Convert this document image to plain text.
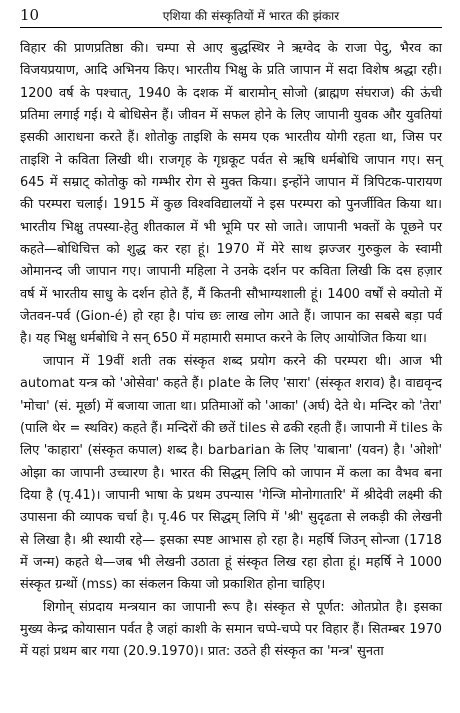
10	एशिया की संस्कृतियों में भारत की झंकार

विहार की प्राणप्रतिष्ठा की। चम्पा से आए बुद्धस्थिर ने ऋग्वेद के राजा पेदु, भैरव का विजयप्रयाण, आदि अभिनय किए। भारतीय भिक्षु के प्रति जापान में सदा विशेष श्रद्धा रही। 1200 वर्ष के पश्चात्, 1940 के दशक में बारामोन् सोजो (ब्राह्मण संघराज) की ऊंची प्रतिमा लगाई गई। ये बोधिसेन हैं। जीवन में सफल होने के लिए जापानी युवक और युवतियां इसकी आराधना करते हैं। शोतोकु ताइशि के समय एक भारतीय योगी रहता था, जिस पर ताइशि ने कविता लिखी थी। राजगृह के गृध्रकूट पर्वत से ऋषि धर्मबोधि जापान गए। सन् 645 में सम्राट् कोतोकु को गम्भीर रोग से मुक्त किया। इन्होंने जापान में त्रिपिटक-पारायण की परम्परा चलाई। 1915 में कुछ विश्वविद्यालयों ने इस परम्परा को पुनर्जीवित किया था। भारतीय भिक्षु तपस्या-हेतु शीतकाल में भी भूमि पर सो जाते। जापानी भक्तों के पूछने पर कहते—बोधिचित्त को शुद्ध कर रहा हूं। 1970 में मेरे साथ झज्जर गुरुकुल के स्वामी ओमानन्द जी जापान गए। जापानी महिला ने उनके दर्शन पर कविता लिखी कि दस हज़ार वर्ष में भारतीय साधु के दर्शन होते हैं, मैं कितनी सौभाग्यशाली हूं। 1400 वर्षों से क्योतो में जेतवन-पर्व (Gion-é) हो रहा है। पांच छः लाख लोग आते हैं। जापान का सबसे बड़ा पर्व है। यह भिक्षु धर्मबोधि ने सन् 650 में महामारी समाप्त करने के लिए आयोजित किया था।

जापान में 19वीं शती तक संस्कृत शब्द प्रयोग करने की परम्परा थी। आज भी automat यन्त्र को 'ओसेवा' कहते हैं। plate के लिए 'सारा' (संस्कृत शराव) है। वाद्यवृन्द 'मोचा' (सं. मूर्छा) में बजाया जाता था। प्रतिमाओं को 'आका' (अर्घ) देते थे। मन्दिर को 'तेरा' (पालि थेर = स्थविर) कहते हैं। मन्दिरों की छतें tiles से ढकी रहती हैं। जापानी में tiles के लिए 'काहारा' (संस्कृत कपाल) शब्द है। barbarian के लिए 'याबाना' (यवन) है। 'ओशो' ओझा का जापानी उच्चारण है। भारत की सिद्धम् लिपि को जापान में कला का वैभव बना दिया है (पृ.41)। जापानी भाषा के प्रथम उपन्यास 'गेन्जि मोनोगातारि' में श्रीदेवी लक्ष्मी की उपासना की व्यापक चर्चा है। पृ.46 पर सिद्धम् लिपि में 'श्री' सुदृढता से लकड़ी की लेखनी से लिखा है। श्री स्थायी रहे— इसका स्पष्ट आभास हो रहा है। महर्षि जिउन् सोन्जा (1718 में जन्म) कहते थे—जब भी लेखनी उठाता हूं संस्कृत लिख रहा होता हूं। महर्षि ने 1000 संस्कृत ग्रन्थों (mss) का संकलन किया जो प्रकाशित होना चाहिए।

शिगोन् संप्रदाय मन्त्रयान का जापानी रूप है। संस्कृत से पूर्णत: ओतप्रोत है। इसका मुख्य केन्द्र कोयासान पर्वत है जहां काशी के समान चप्पे-चप्पे पर विहार हैं। सितम्बर 1970 में यहां प्रथम बार गया (20.9.1970)। प्रात: उठते ही संस्कृत का 'मन्त्र' सुनता
